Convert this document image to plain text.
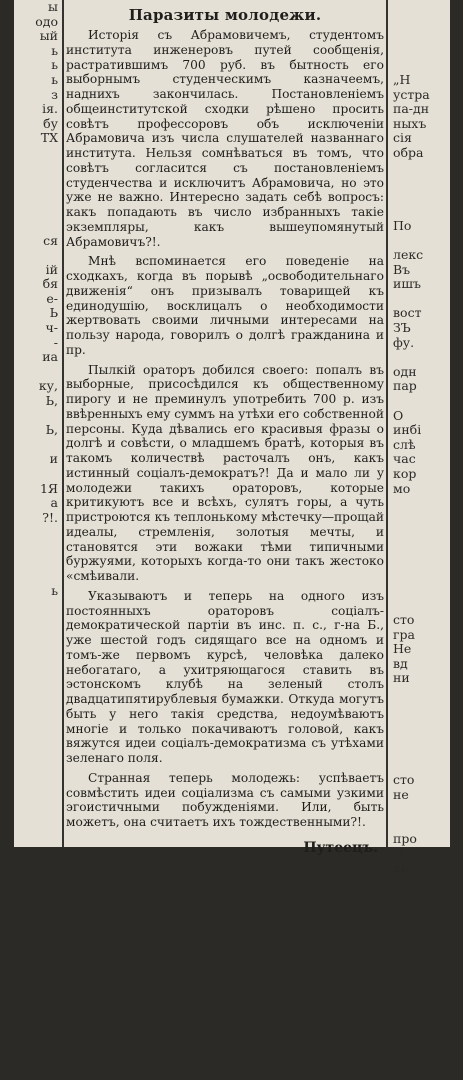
ы
одо
ый
ь
ь
ь
з
ія.
бу
ТХ

ся

ій
бя
е-
Ь
ч-
-
иа

ку,
Ь,

Ь,

и

1Я
а
?!.

ь

Паразиты молодежи.

Исторія съ Абрамовичемъ, студентомъ института инженеровъ путей сообщенія, растратившимъ 700 руб. въ бытность его выборнымъ студенческимъ казначеемъ, наднихъ закончилась. Постановленіемъ общеинститутской сходки рѣшено просить совѣтъ профессоровъ объ исключеніи Абрамовича изъ числа слушателей названнаго института. Нельзя сомнѣваться въ томъ, что совѣтъ согласится съ постановленіемъ студенчества и исключитъ Абрамовича, но это уже не важно. Интересно задать себѣ вопросъ: какъ попадають въ число избранныхъ такіе экземпляры, какъ вышеупомянутый Абрамовичъ?!.

Мнѣ вспоминается его поведеніе на сходкахъ, когда въ порывѣ „освободительнаго движенія“ онъ призывалъ товарищей къ единодушію, восклицалъ о необходимости жертвовать своими личными интересами на пользу народа, говорилъ о долгѣ гражданина и пр.

Пылкій ораторъ добился своего: попалъ въ выборные, присосѣдился къ общественному пирогу и не преминулъ употребить 700 р. изъ ввѣренныхъ ему суммъ на утѣхи его собственной персоны. Куда дѣвались его красивыя фразы о долгѣ и совѣсти, о младшемъ братѣ, которыя въ такомъ количествѣ расточалъ онъ, какъ истинный соціалъ-демократъ?! Да и мало ли у молодежи такихъ ораторовъ, которые критикуютъ все и всѣхъ, сулятъ горы, а чуть пристроются къ теплонькому мѣстечку—прощай идеалы, стремленія, золотыя мечты, и становятся эти вожаки тѣми типичными буржуями, которыхъ когда-то они такъ жестоко «смѣивали.

Указываютъ и теперь на одного изъ постоянныхъ ораторовъ соціалъ-демократической партіи въ инс. п. с., г-на Б., уже шестой годъ сидящаго все на одномъ и томъ-же первомъ курсѣ, человѣка далеко небогатаго, а ухитряющагося ставить въ эстонскомъ клубѣ на зеленый столъ двадцатипятирублевыя бумажки. Откуда могутъ быть у него такія средства, недоумѣваютъ многіе и только покачиваютъ головой, какъ вяжутся идеи соціалъ-демократизма съ утѣхами зеленаго поля.

Странная теперь молодежь: успѣваетъ совмѣстить идеи соціализма съ самыми узкими эгоистичными побужденіями. Или, быть можетъ, она считаетъ ихъ тождественными?!.

Путеецъ.

„Н
устра
па-дн
ныхъ
сія
обра

По

лекс
Въ
ишъ

вост
ЗЪ
фу.

одн
пар

О
инбі
слѣ
час
кор
мо

сто
гра
Не
вд
ни

сто
не

про
П
ди
